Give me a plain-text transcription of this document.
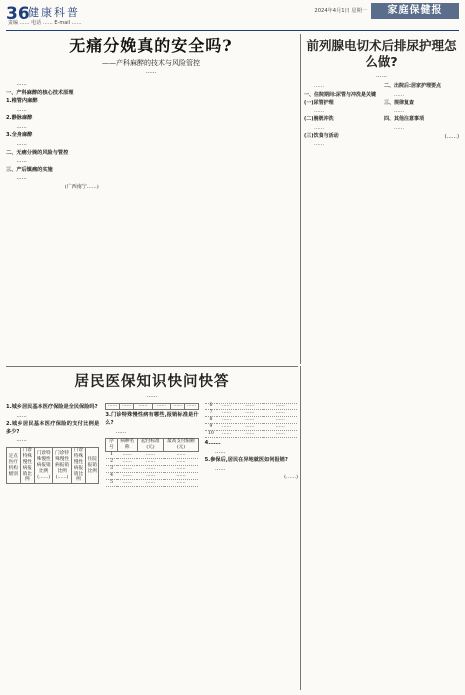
36
健康科普
责编 …… 电话 …… E-mail ……
2024年4月1日 星期一	家庭保健报
无痛分娩真的安全吗?
——产科麻醉的技术与风险管控
……

……

一、产科麻醉的核心技术原理

1.椎管内麻醉

……

2.静脉麻醉

……

3.全身麻醉

……

二、无痛分娩的风险与管控

……

三、产后镇痛的实施

……

(广西南宁……)
前列腺电切术后排尿护理怎么做?
……

……

一、住院期间:尿管与冲洗是关键

(一)尿管护理

……

(二)膀胱冲洗

……

(三)饮食与活动

……

二、出院后:居家护理要点

……

三、规律复查

……

四、其他注意事项

……

(……)
居民医保知识快问快答
……

1.城乡居民基本医疗保险是全民保险吗?

……

2.城乡居民基本医疗保险的支付比例是多少?

……

定点医疗机构级别	门诊特殊慢性病报销比例	门诊特殊慢性病报销比例(……)	门诊特殊慢性病报销比例(……)	门诊特殊慢性病报销比例	住院报销比例
……	……	……	……	……	……

3.门诊特殊慢性病有哪些,报销标准是什么?

……

序号	病种名称	起付标准(元)	最高支付限额(元)
1	……	……	……
2	……	……	……
3	……	……	……
4	……	……	……
5	……	……	……
6	……	……	……
7	……	……	……
8	……	……	……
9	……	……	……
10	……	……	……

4.……

……

5.参保后,居民在异地就医如何报销?

……

(……)
